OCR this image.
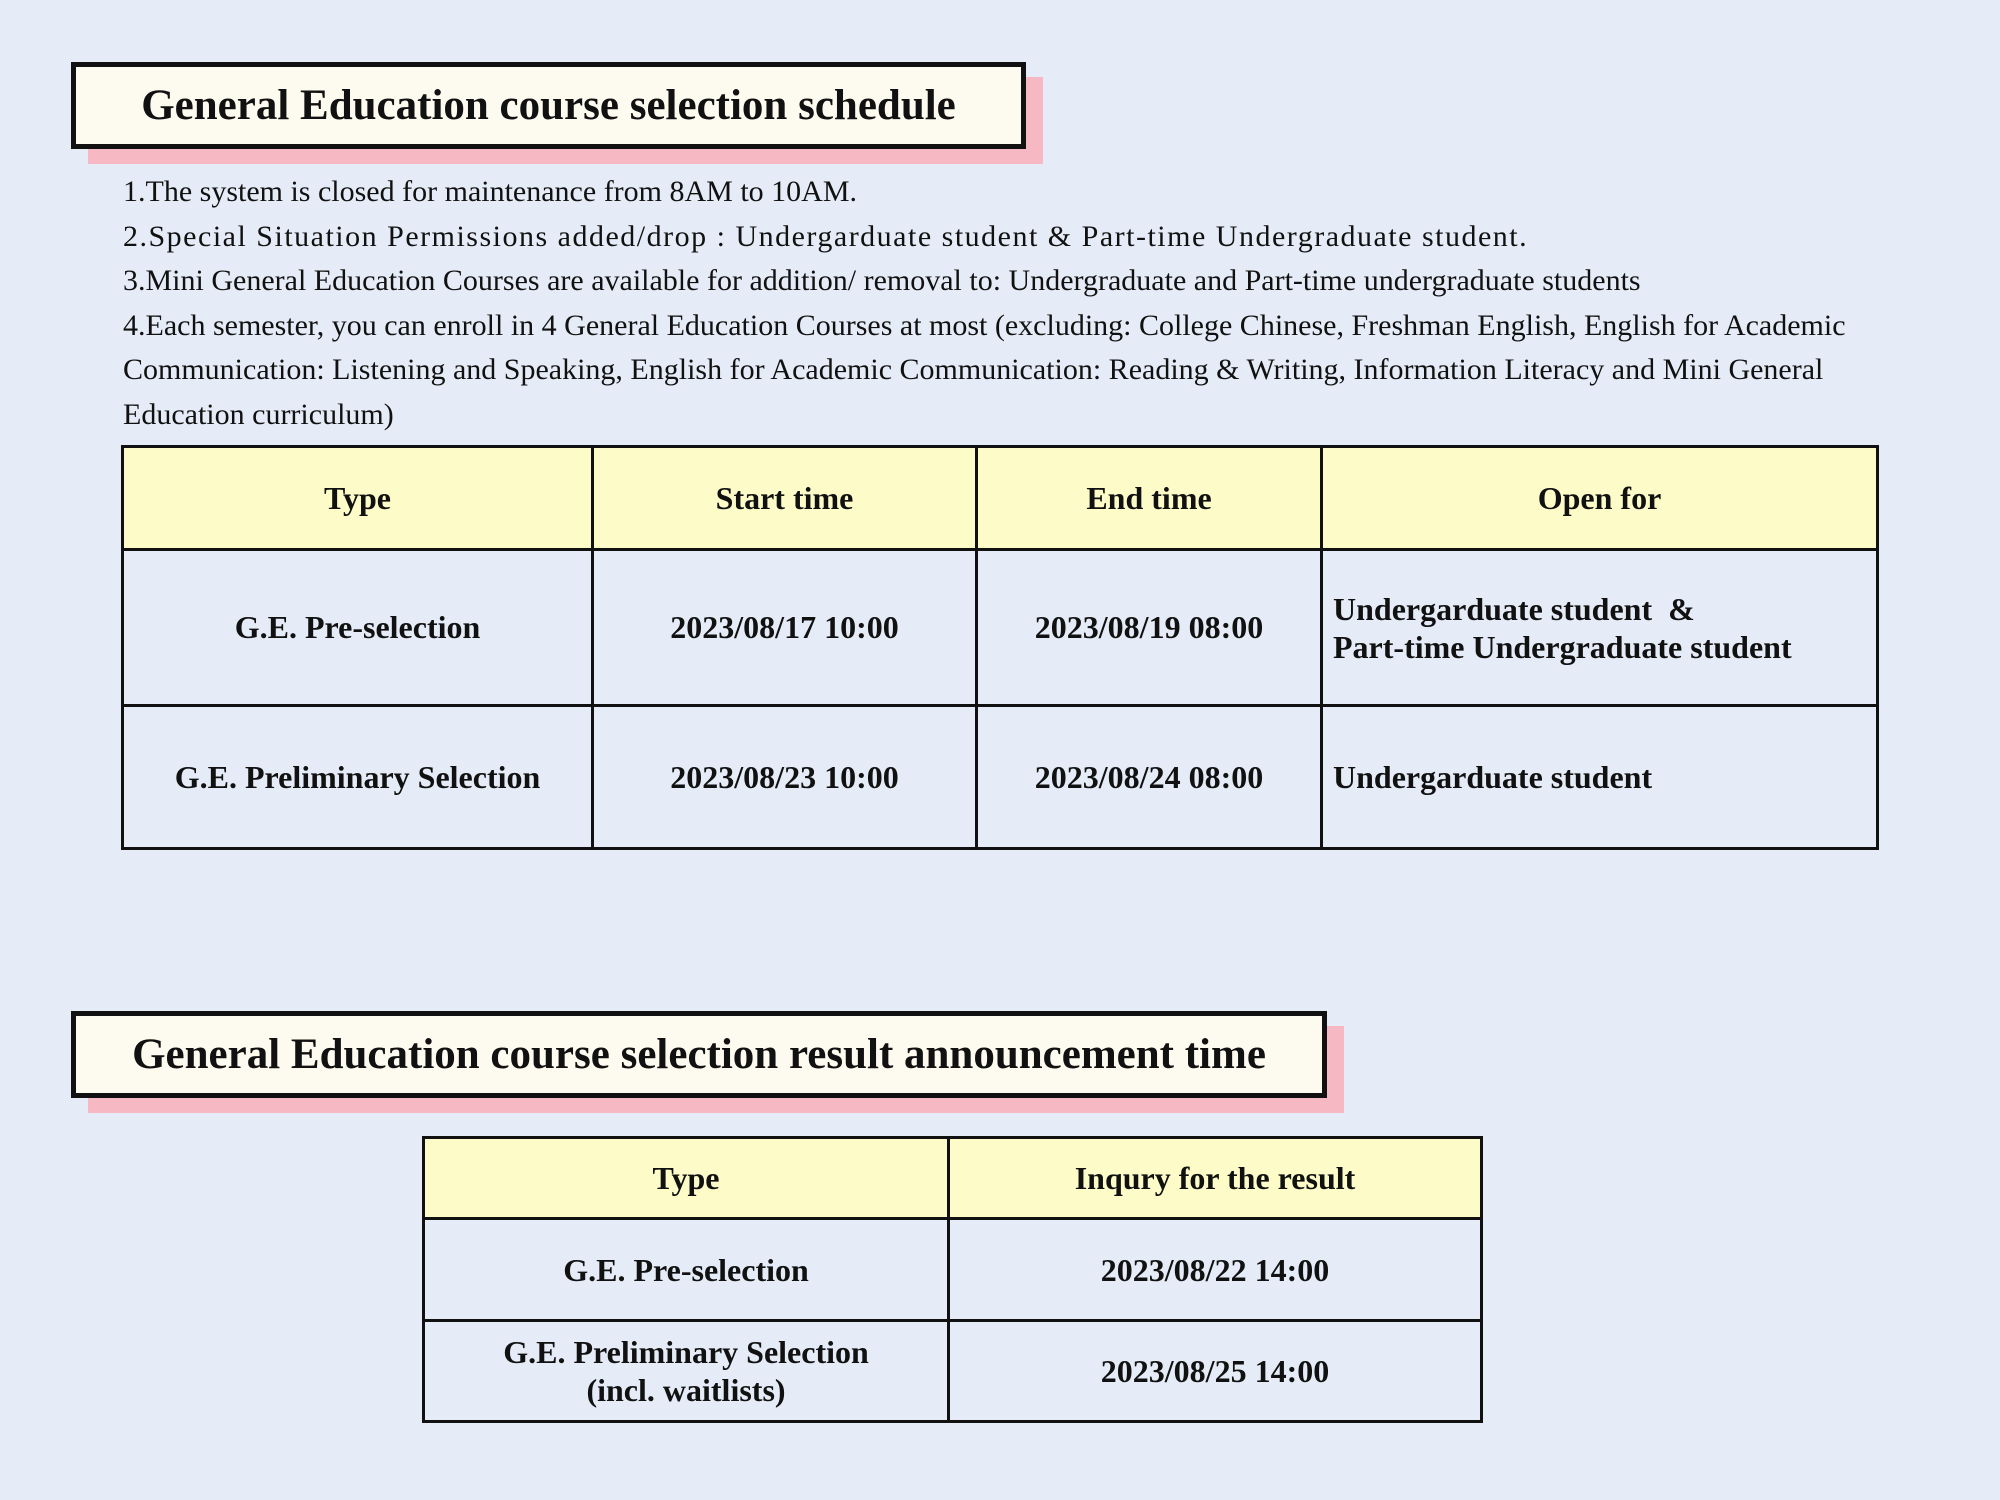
General Education course selection schedule

1.The system is closed for maintenance from 8AM to 10AM.

2.Special Situation Permissions added/drop : Undergarduate student & Part-time Undergraduate student.

3.Mini General Education Courses are available for addition/ removal to: Undergraduate and Part-time undergraduate students

4.Each semester, you can enroll in 4 General Education Courses at most (excluding: College Chinese, Freshman English, English for Academic Communication: Listening and Speaking, English for Academic Communication: Reading & Writing, Information Literacy and Mini General Education curriculum)

Type	Start time	End time	Open for
G.E. Pre-selection	2023/08/17 10:00	2023/08/19 08:00	Undergarduate student  &
Part-time Undergraduate student

G.E. Preliminary Selection	2023/08/23 10:00	2023/08/24 08:00	Undergarduate student
General Education course selection result announcement time
Type	Inqury for the result

G.E. Pre-selection	2023/08/22 14:00

G.E. Preliminary Selection
(incl. waitlists)	2023/08/25 14:00
